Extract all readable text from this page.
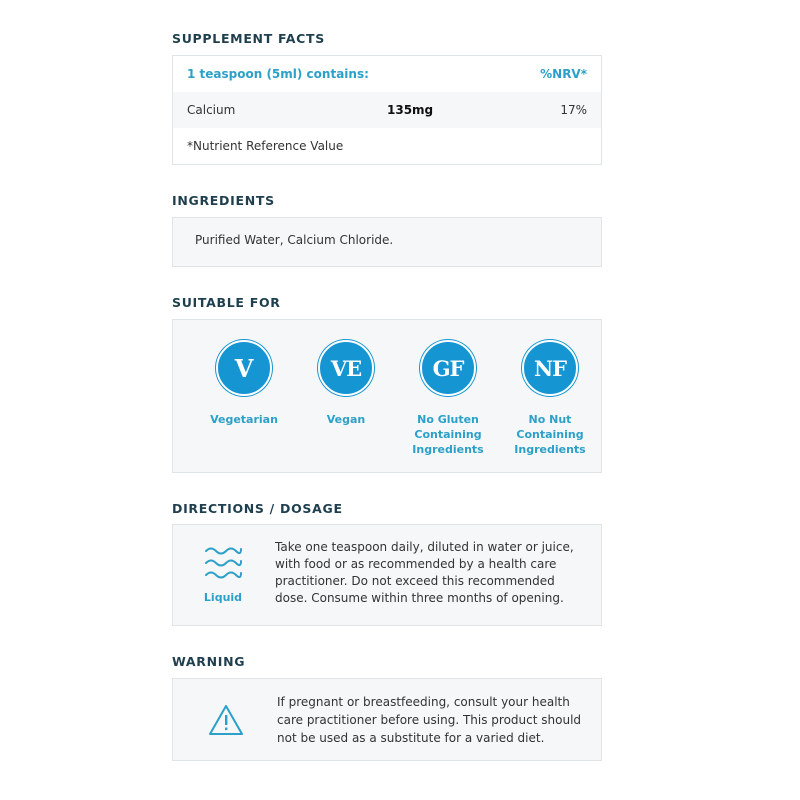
SUPPLEMENT FACTS
1 teaspoon (5ml) contains:	%NRV*
Calcium	135mg	17%
*Nutrient Reference Value
INGREDIENTS
Purified Water, Calcium Chloride.
SUITABLE FOR
V
Vegetarian
VE
Vegan
GF
No Gluten Containing Ingredients
NF
No Nut Containing Ingredients
DIRECTIONS / DOSAGE
Liquid
Take one teaspoon daily, diluted in water or juice, with food or as recommended by a health care practitioner. Do not exceed this recommended dose. Consume within three months of opening.
WARNING
If pregnant or breastfeeding, consult your health care practitioner before using. This product should not be used as a substitute for a varied diet.
